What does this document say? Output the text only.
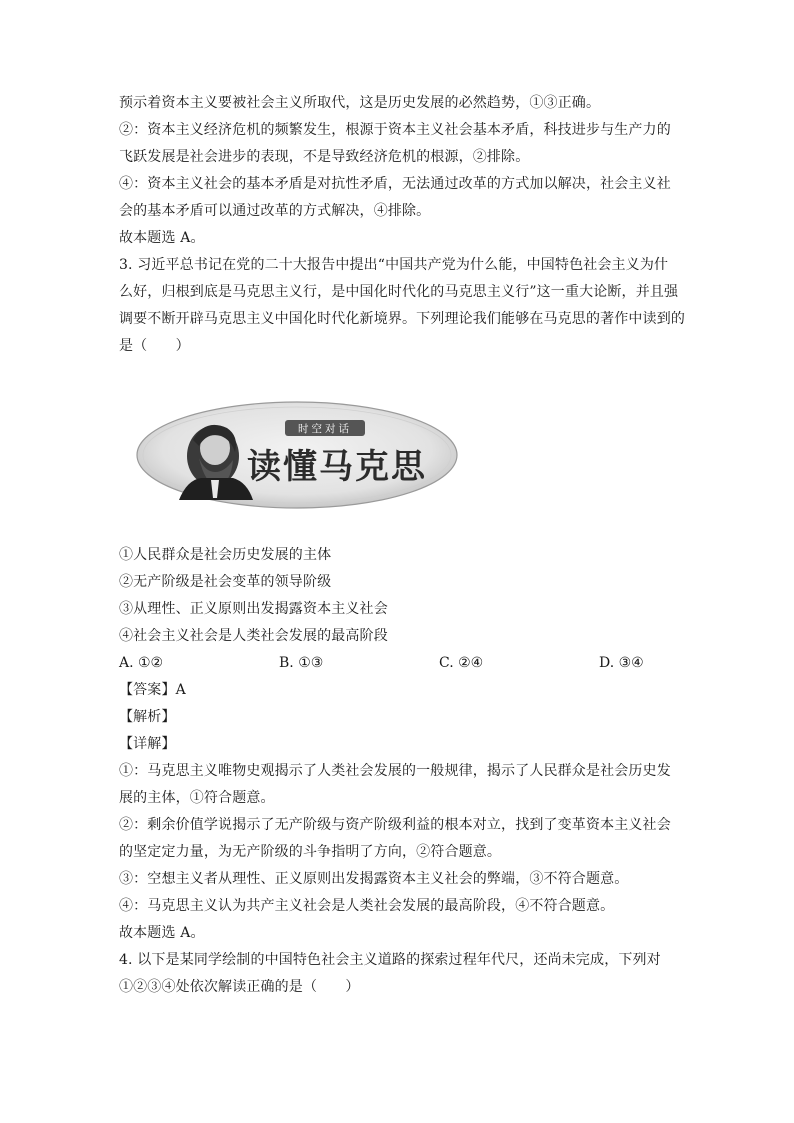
预示着资本主义要被社会主义所取代，这是历史发展的必然趋势，①③正确。
②：资本主义经济危机的频繁发生，根源于资本主义社会基本矛盾，科技进步与生产力的
飞跃发展是社会进步的表现，不是导致经济危机的根源，②排除。
④：资本主义社会的基本矛盾是对抗性矛盾，无法通过改革的方式加以解决，社会主义社
会的基本矛盾可以通过改革的方式解决，④排除。
故本题选 A。
3. 习近平总书记在党的二十大报告中提出“中国共产党为什么能，中国特色社会主义为什
么好，归根到底是马克思主义行，是中国化时代化的马克思主义行”这一重大论断，并且强
调要不断开辟马克思主义中国化时代化新境界。下列理论我们能够在马克思的著作中读到的
是（　　）
时空对话
读懂马克思
①人民群众是社会历史发展的主体
②无产阶级是社会变革的领导阶级
③从理性、正义原则出发揭露资本主义社会
④社会主义社会是人类社会发展的最高阶段
A. ①②	B. ①③	C. ②④	D. ③④
【答案】A
【解析】
【详解】
①：马克思主义唯物史观揭示了人类社会发展的一般规律，揭示了人民群众是社会历史发
展的主体，①符合题意。
②：剩余价值学说揭示了无产阶级与资产阶级利益的根本对立，找到了变革资本主义社会
的坚定定力量，为无产阶级的斗争指明了方向，②符合题意。
③：空想主义者从理性、正义原则出发揭露资本主义社会的弊端，③不符合题意。
④：马克思主义认为共产主义社会是人类社会发展的最高阶段，④不符合题意。
故本题选 A。
4. 以下是某同学绘制的中国特色社会主义道路的探索过程年代尺，还尚未完成，下列对
①②③④处依次解读正确的是（　　）
